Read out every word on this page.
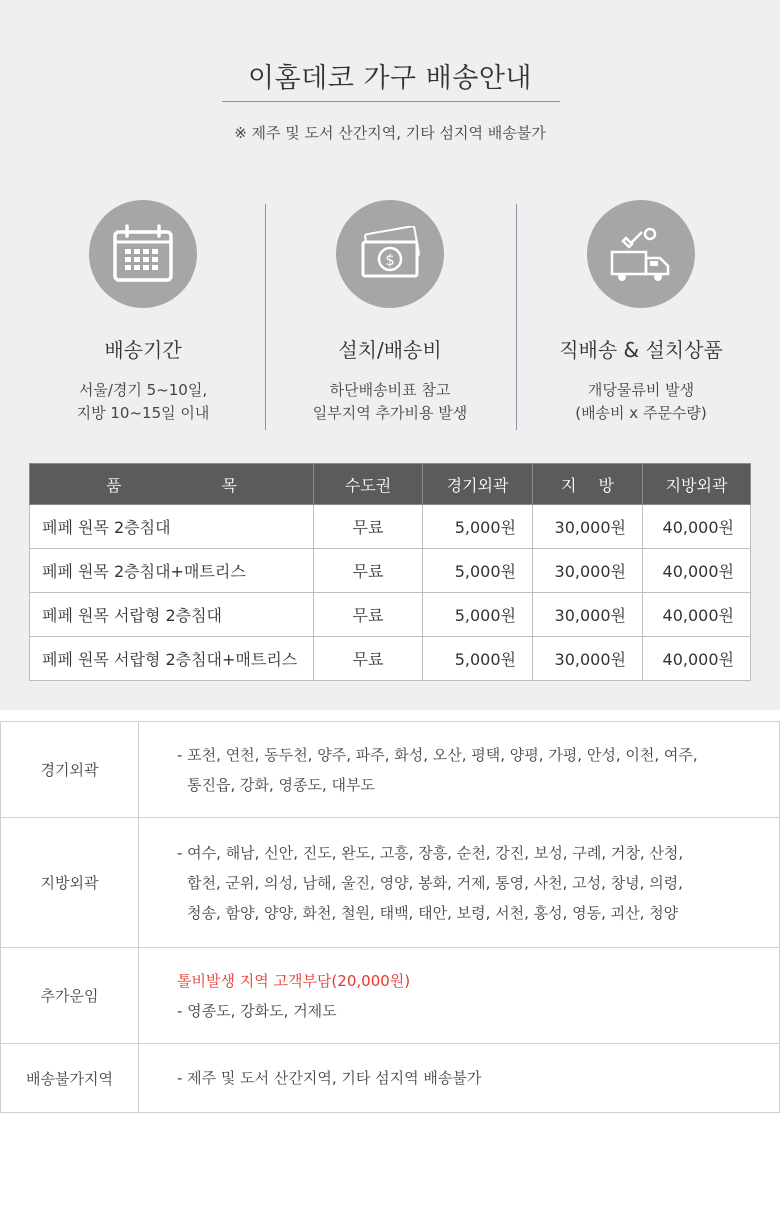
이홈데코 가구 배송안내
※ 제주 및 도서 산간지역, 기타 섬지역 배송불가
배송기간
서울/경기 5~10일,
지방 10~15일 이내
$
설치/배송비
하단배송비표 참고
일부지역 추가비용 발생
직배송 & 설치상품
개당물류비 발생
(배송비 x 주문수량)
품 목	수도권	경기외곽	지 방	지방외곽
페페 원목 2층침대	무료	5,000원	30,000원	40,000원
페페 원목 2층침대+매트리스	무료	5,000원	30,000원	40,000원
페페 원목 서랍형 2층침대	무료	5,000원	30,000원	40,000원
페페 원목 서랍형 2층침대+매트리스	무료	5,000원	30,000원	40,000원
경기외곽	- 포천, 연천, 동두천, 양주, 파주, 화성, 오산, 평택, 양평, 가평, 안성, 이천, 여주,
통진읍, 강화, 영종도, 대부도

지방외곽	- 여수, 해남, 신안, 진도, 완도, 고흥, 장흥, 순천, 강진, 보성, 구례, 거창, 산청,
합천, 군위, 의성, 남해, 울진, 영양, 봉화, 거제, 통영, 사천, 고성, 창녕, 의령,
청송, 함양, 양양, 화천, 철원, 태백, 태안, 보령, 서천, 홍성, 영동, 괴산, 청양

추가운임	톨비발생 지역 고객부담(20,000원)
- 영종도, 강화도, 거제도

배송불가지역	- 제주 및 도서 산간지역, 기타 섬지역 배송불가
